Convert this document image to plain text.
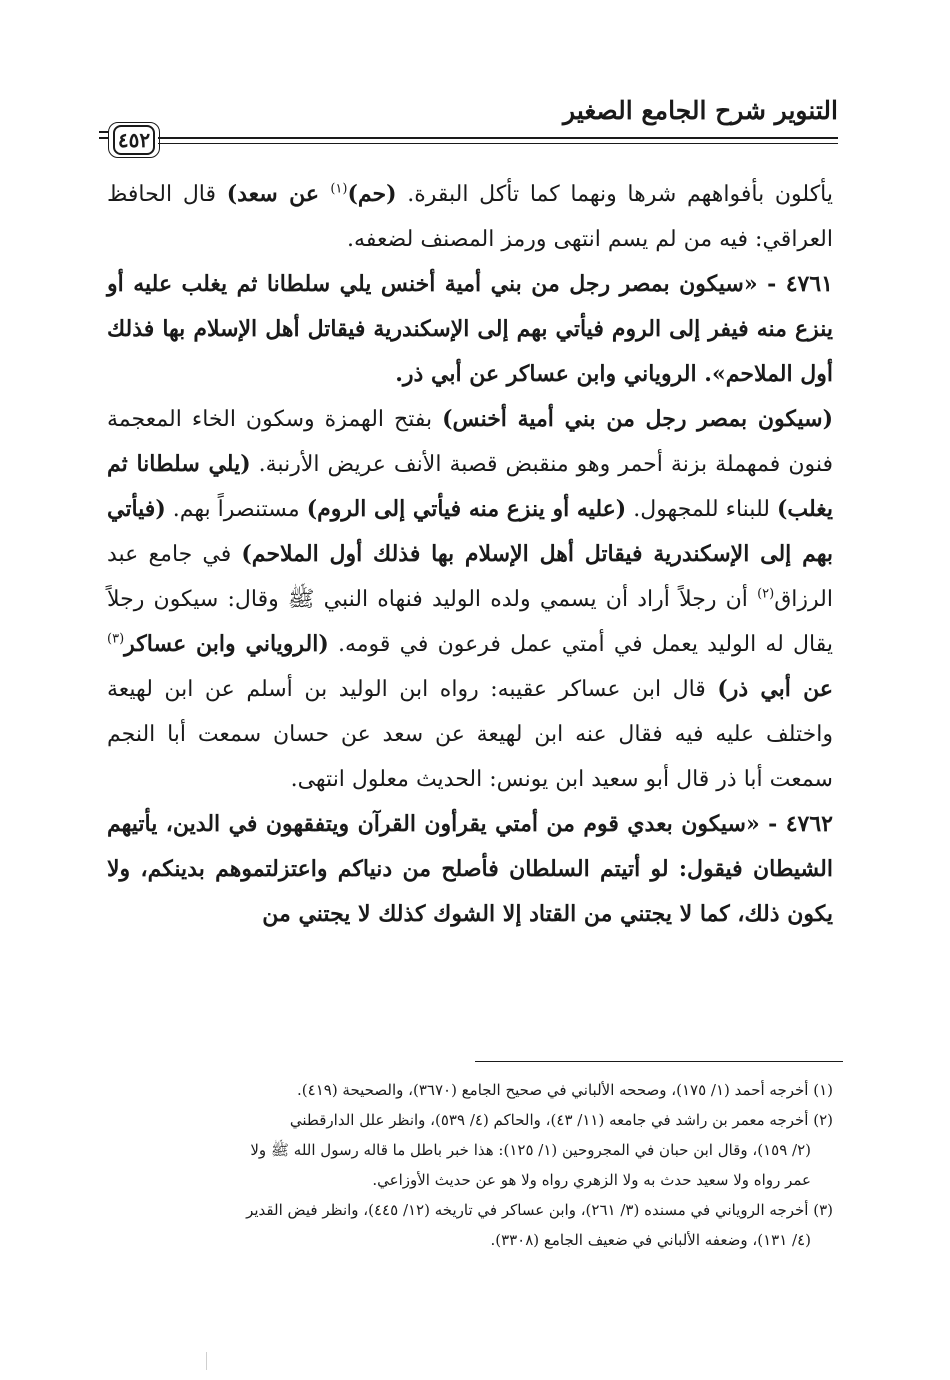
التنوير شرح الجامع الصغير
٤٥٢

يأكلون بأفواههم شرها ونهما كما تأكل البقرة. (حم)$^{(١)}$ عن سعد) قال الحافظ العراقي: فيه من لم يسم انتهى ورمز المصنف لضعفه.

٤٧٦١ - «سيكون بمصر رجل من بني أمية أخنس يلي سلطانا ثم يغلب عليه أو ينزع منه فيفر إلى الروم فيأتي بهم إلى الإسكندرية فيقاتل أهل الإسلام بها فذلك أول الملاحم». الروياني وابن عساكر عن أبي ذر.

(سيكون بمصر رجل من بني أمية أخنس) بفتح الهمزة وسكون الخاء المعجمة فنون فمهملة بزنة أحمر وهو منقبض قصبة الأنف عريض الأرنبة. (يلي سلطانا ثم يغلب) للبناء للمجهول. (عليه أو ينزع منه فيأتي إلى الروم) مستنصراً بهم. (فيأتي بهم إلى الإسكندرية فيقاتل أهل الإسلام بها فذلك أول الملاحم) في جامع عبد الرزاق$^{(٢)}$ أن رجلاً أراد أن يسمي ولده الوليد فنهاه النبي ﷺ وقال: سيكون رجلاً يقال له الوليد يعمل في أمتي عمل فرعون في قومه. (الروياني وابن عساكر$^{(٣)}$ عن أبي ذر) قال ابن عساكر عقيبه: رواه ابن الوليد بن أسلم عن ابن لهيعة واختلف عليه فيه فقال عنه ابن لهيعة عن سعد عن حسان سمعت أبا النجم سمعت أبا ذر قال أبو سعيد ابن يونس: الحديث معلول انتهى.

٤٧٦٢ - «سيكون بعدي قوم من أمتي يقرأون القرآن ويتفقهون في الدين، يأتيهم الشيطان فيقول: لو أتيتم السلطان فأصلح من دنياكم واعتزلتموهم بدينكم، ولا يكون ذلك، كما لا يجتني من القتاد إلا الشوك كذلك لا يجتني من

(١) أخرجه أحمد (١/ ١٧٥)، وصححه الألباني في صحيح الجامع (٣٦٧٠)، والصحيحة (٤١٩).

(٢) أخرجه معمر بن راشد في جامعه (١١/ ٤٣)، والحاكم (٤/ ٥٣٩)، وانظر علل الدارقطني

(٢/ ١٥٩)، وقال ابن حبان في المجروحين (١/ ١٢٥): هذا خبر باطل ما قاله رسول الله ﷺ ولا

عمر رواه ولا سعيد حدث به ولا الزهري رواه ولا هو عن حديث الأوزاعي.

(٣) أخرجه الروياني في مسنده (٣/ ٢٦١)، وابن عساكر في تاريخه (١٢/ ٤٤٥)، وانظر فيض القدير

(٤/ ١٣١)، وضعفه الألباني في ضعيف الجامع (٣٣٠٨).
